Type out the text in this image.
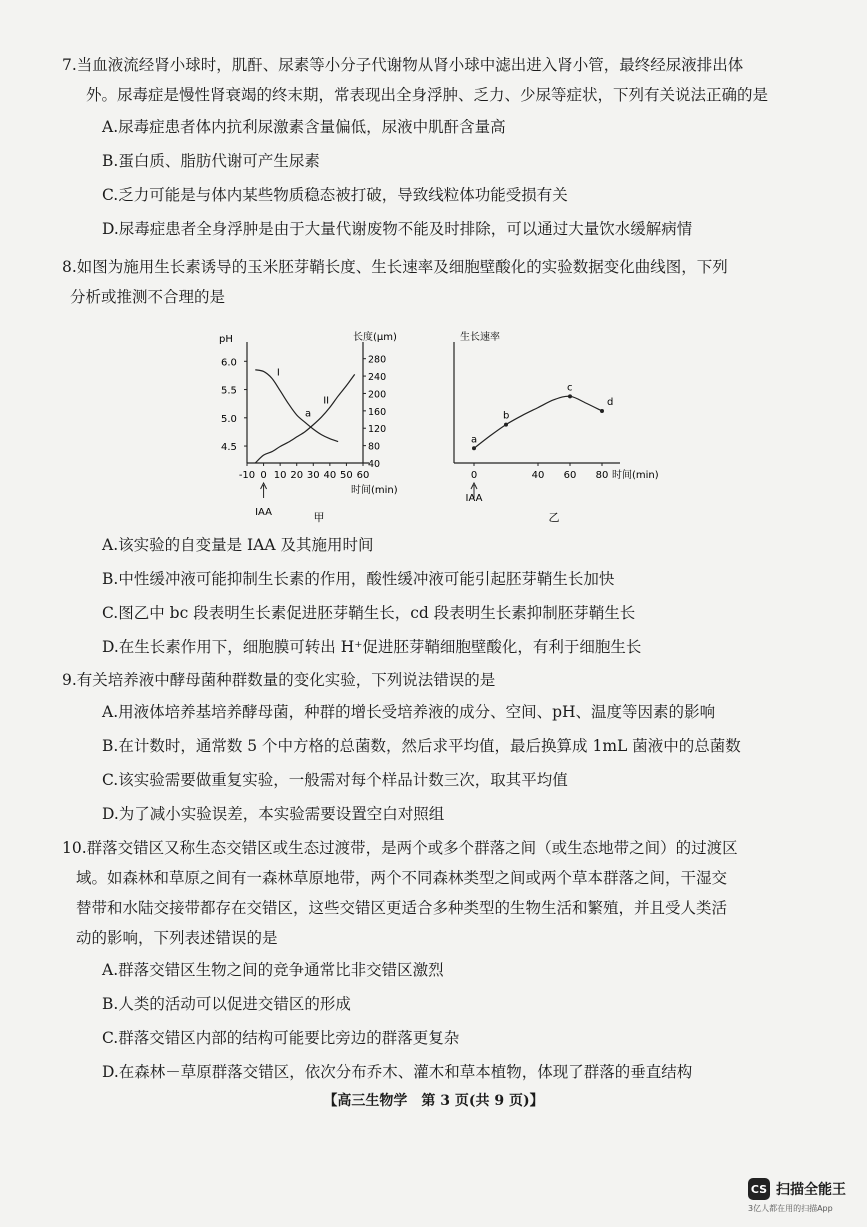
7.当血液流经肾小球时，肌酐、尿素等小分子代谢物从肾小球中滤出进入肾小管，最终经尿液排出体

外。尿毒症是慢性肾衰竭的终末期，常表现出全身浮肿、乏力、少尿等症状，下列有关说法正确的是

A.尿毒症患者体内抗利尿激素含量偏低，尿液中肌酐含量高

B.蛋白质、脂肪代谢可产生尿素

C.乏力可能是与体内某些物质稳态被打破，导致线粒体功能受损有关

D.尿毒症患者全身浮肿是由于大量代谢废物不能及时排除，可以通过大量饮水缓解病情

8.如图为施用生长素诱导的玉米胚芽鞘长度、生长速率及细胞壁酸化的实验数据变化曲线图，下列

分析或推测不合理的是

pH	长度(μm)
4.5
5.0
5.5
6.0
40
80
120
160
200
240
280
-10 0 10 20 30 40 50 60
时间(min)
IAA	甲
I
II
a
生长速率
0	40 60 80 时间(min)
IAA
乙
a
b
c
d

A.该实验的自变量是 IAA 及其施用时间

B.中性缓冲液可能抑制生长素的作用，酸性缓冲液可能引起胚芽鞘生长加快

C.图乙中 bc 段表明生长素促进胚芽鞘生长，cd 段表明生长素抑制胚芽鞘生长

D.在生长素作用下，细胞膜可转出 H⁺促进胚芽鞘细胞壁酸化，有利于细胞生长

9.有关培养液中酵母菌种群数量的变化实验，下列说法错误的是

A.用液体培养基培养酵母菌，种群的增长受培养液的成分、空间、pH、温度等因素的影响

B.在计数时，通常数 5 个中方格的总菌数，然后求平均值，最后换算成 1mL 菌液中的总菌数

C.该实验需要做重复实验，一般需对每个样品计数三次，取其平均值

D.为了减小实验误差，本实验需要设置空白对照组

10.群落交错区又称生态交错区或生态过渡带，是两个或多个群落之间（或生态地带之间）的过渡区

域。如森林和草原之间有一森林草原地带，两个不同森林类型之间或两个草本群落之间，干湿交

替带和水陆交接带都存在交错区，这些交错区更适合多种类型的生物生活和繁殖，并且受人类活

动的影响，下列表述错误的是

A.群落交错区生物之间的竞争通常比非交错区激烈

B.人类的活动可以促进交错区的形成

C.群落交错区内部的结构可能要比旁边的群落更复杂

D.在森林－草原群落交错区，依次分布乔木、灌木和草本植物，体现了群落的垂直结构

【高三生物学　第 3 页(共 9 页)】
CS 扫描全能王
3亿人都在用的扫描App
